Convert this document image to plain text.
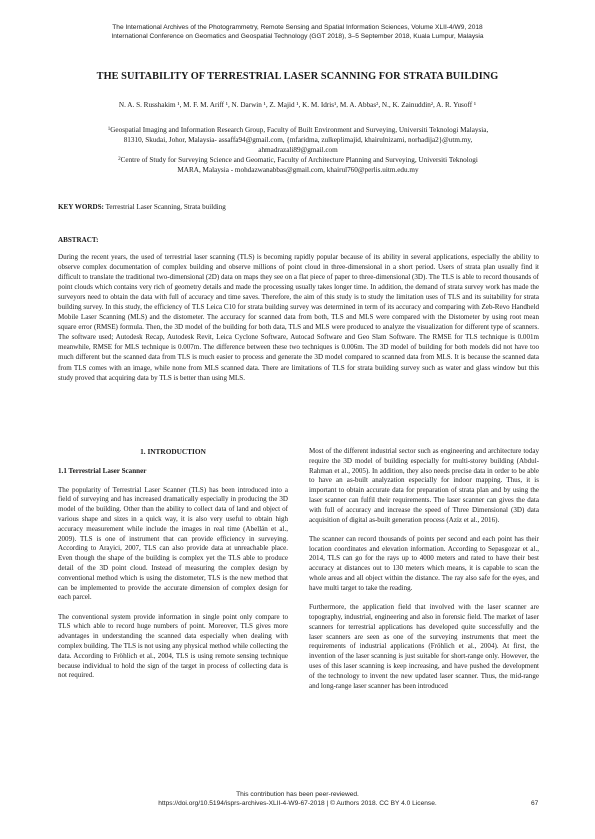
The International Archives of the Photogrammetry, Remote Sensing and Spatial Information Sciences, Volume XLII-4/W9, 2018
International Conference on Geomatics and Geospatial Technology (GGT 2018), 3–5 September 2018, Kuala Lumpur, Malaysia
THE SUITABILITY OF TERRESTRIAL LASER SCANNING FOR STRATA BUILDING
N. A. S. Russhakim ¹, M. F. M. Ariff ¹, N. Darwin ¹, Z. Majid ¹, K. M. Idris¹, M. A. Abbas², N., K. Zainuddin², A. R. Yusoff ¹
$^1$Geospatial Imaging and Information Research Group, Faculty of Built Environment and Surveying, Universiti Teknologi Malaysia,
81310, Skudai, Johor, Malaysia- assaffa94@gmail.com, {mfaridma, zulkeplimajid, khairulnizami, norhadija2}@utm.my,
ahmadrazali89@gmail.com
$^2$Centre of Study for Surveying Science and Geomatic, Faculty of Architecture Planning and Surveying, Universiti Teknologi
MARA, Malaysia - mohdazwanabbas@gmail.com, khairul760@perlis.uitm.edu.my
KEY WORDS: Terrestrial Laser Scanning, Strata building
ABSTRACT:
During the recent years, the used of terrestrial laser scanning (TLS) is becoming rapidly popular because of its ability in several applications, especially the ability to observe complex documentation of complex building and observe millions of point cloud in three-dimensional in a short period. Users of strata plan usually find it difficult to translate the traditional two-dimensional (2D) data on maps they see on a flat piece of paper to three-dimensional (3D). The TLS is able to record thousands of point clouds which contains very rich of geometry details and made the processing usually takes longer time. In addition, the demand of strata survey work has made the surveyors need to obtain the data with full of accuracy and time saves. Therefore, the aim of this study is to study the limitation uses of TLS and its suitability for strata building survey. In this study, the efficiency of TLS Leica C10 for strata building survey was determined in term of its accuracy and comparing with Zeb-Revo Handheld Mobile Laser Scanning (MLS) and the distometer. The accuracy for scanned data from both, TLS and MLS were compared with the Distometer by using root mean square error (RMSE) formula. Then, the 3D model of the building for both data, TLS and MLS were produced to analyze the visualization for different type of scanners. The software used; Autodesk Recap, Autodesk Revit, Leica Cyclone Software, Autocad Software and Geo Slam Software. The RMSE for TLS technique is 0.001m meanwhile, RMSE for MLS technique is 0.007m. The difference between these two techniques is 0.006m. The 3D model of building for both models did not have too much different but the scanned data from TLS is much easier to process and generate the 3D model compared to scanned data from MLS. It is because the scanned data from TLS comes with an image, while none from MLS scanned data. There are limitations of TLS for strata building survey such as water and glass window but this study proved that acquiring data by TLS is better than using MLS.
1. INTRODUCTION
1.1 Terrestrial Laser Scanner

The popularity of Terrestrial Laser Scanner (TLS) has been introduced into a field of surveying and has increased dramatically especially in producing the 3D model of the building. Other than the ability to collect data of land and object of various shape and sizes in a quick way, it is also very useful to obtain high accuracy measurement while include the images in real time (Abellán et al., 2009). TLS is one of instrument that can provide efficiency in surveying. According to Arayici, 2007, TLS can also provide data at unreachable place. Even though the shape of the building is complex yet the TLS able to produce detail of the 3D point cloud. Instead of measuring the complex design by conventional method which is using the distometer, TLS is the new method that can be implemented to provide the accurate dimension of complex design for each parcel.

The conventional system provide information in single point only compare to TLS which able to record huge numbers of point. Moreover, TLS gives more advantages in understanding the scanned data especially when dealing with complex building. The TLS is not using any physical method while collecting the data. According to Fröhlich et al., 2004, TLS is using remote sensing technique because individual to hold the sign of the target in process of collecting data is not required.

Most of the different industrial sector such as engineering and architecture today require the 3D model of building especially for multi-storey building (Abdul-Rahman et al., 2005). In addition, they also needs precise data in order to be able to have an as-built analyzation especially for indoor mapping. Thus, it is important to obtain accurate data for preparation of strata plan and by using the laser scanner can fulfil their requirements. The laser scanner can gives the data with full of accuracy and increase the speed of Three Dimensional (3D) data acquisition of digital as-built generation process (Aziz et al., 2016).

The scanner can record thousands of points per second and each point has their location coordinates and elevation information. According to Sepasgozar et al., 2014, TLS can go for the rays up to 4000 meters and rated to have their best accuracy at distances out to 130 meters which means, it is capable to scan the whole areas and all object within the distance. The ray also safe for the eyes, and have multi target to take the reading.

Furthermore, the application field that involved with the laser scanner are topography, industrial, engineering and also in forensic field. The market of laser scanners for terrestrial applications has developed quite successfully and the laser scanners are seen as one of the surveying instruments that meet the requirements of industrial applications (Fröhlich et al., 2004). At first, the invention of the laser scanning is just suitable for short-range only. However, the uses of this laser scanning is keep increasing, and have pushed the development of the technology to invent the new updated laser scanner. Thus, the mid-range and long-range laser scanner has been introduced

This contribution has been peer-reviewed.
https://doi.org/10.5194/isprs-archives-XLII-4-W9-67-2018 | © Authors 2018. CC BY 4.0 License.	67
